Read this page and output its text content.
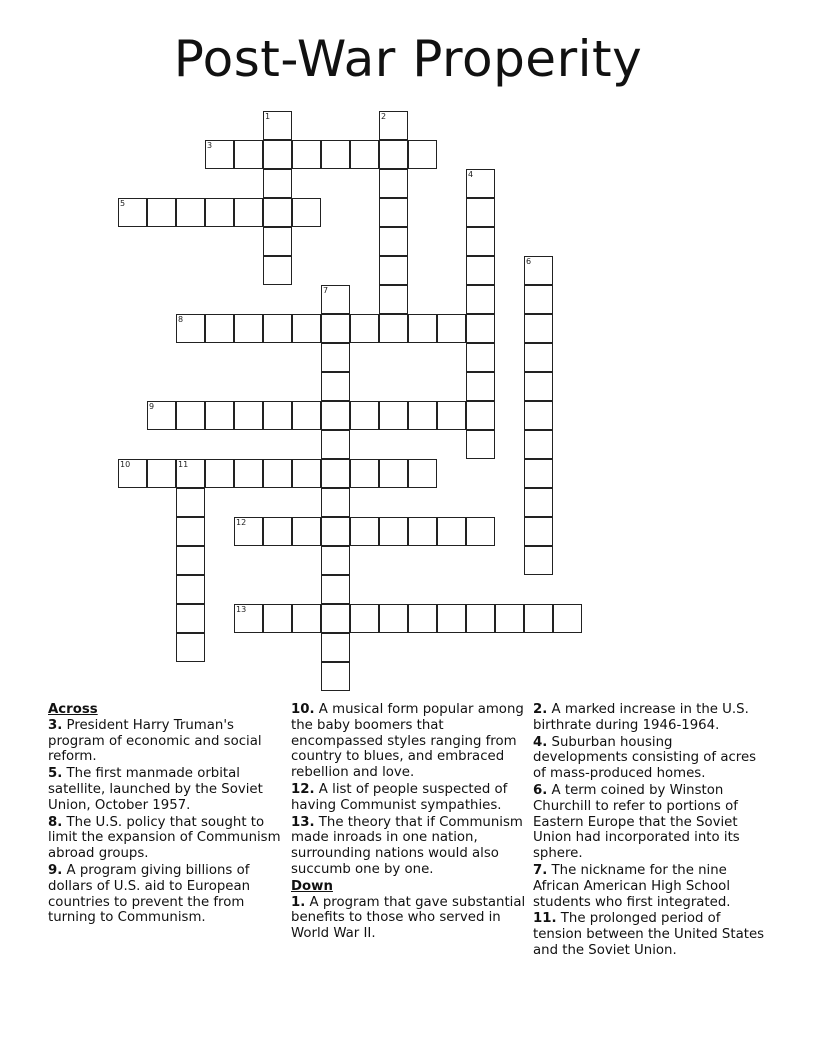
Post-War Properity
1	2
3
4
5
6
7
8
9
10	11
12
13
Across
3. President Harry Truman's program of economic and social reform.
5. The first manmade orbital satellite, launched by the Soviet Union, October 1957.
8. The U.S. policy that sought to limit the expansion of Communism abroad groups.
9. A program giving billions of dollars of U.S. aid to European countries to prevent the from turning to Communism.
10. A musical form popular among the baby boomers that encompassed styles ranging from country to blues, and embraced rebellion and love.
12. A list of people suspected of having Communist sympathies.
13. The theory that if Communism made inroads in one nation, surrounding nations would also succumb one by one.
Down
1. A program that gave substantial benefits to those who served in World War II.
2. A marked increase in the U.S. birthrate during 1946-1964.
4. Suburban housing developments consisting of acres of mass-produced homes.
6. A term coined by Winston Churchill to refer to portions of Eastern Europe that the Soviet Union had incorporated into its sphere.
7. The nickname for the nine African American High School students who first integrated.
11. The prolonged period of tension between the United States and the Soviet Union.
